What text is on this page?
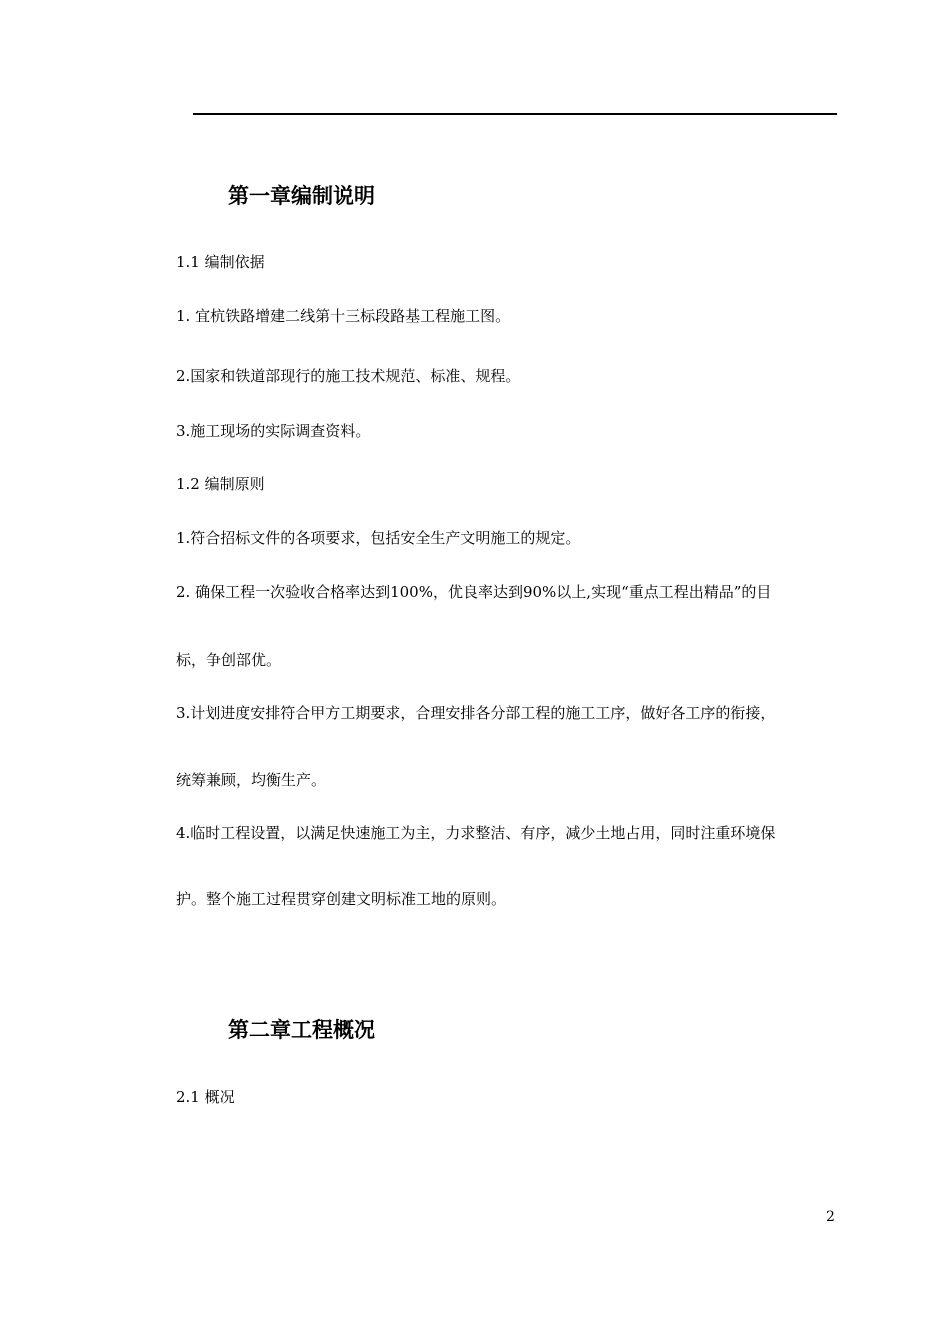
第一章编制说明

1.1 编制依据

1. 宜杭铁路增建二线第十三标段路基工程施工图。

2.国家和铁道部现行的施工技术规范、标准、规程。

3.施工现场的实际调查资料。

1.2 编制原则

1.符合招标文件的各项要求，包括安全生产文明施工的规定。

2. 确保工程一次验收合格率达到100%，优良率达到90%以上,实现“重点工程出精品”的目

标，争创部优。

3.计划进度安排符合甲方工期要求，合理安排各分部工程的施工工序，做好各工序的衔接，

统筹兼顾，均衡生产。

4.临时工程设置，以满足快速施工为主，力求整洁、有序，减少土地占用，同时注重环境保

护。整个施工过程贯穿创建文明标准工地的原则。

第二章工程概况

2.1 概况

2
